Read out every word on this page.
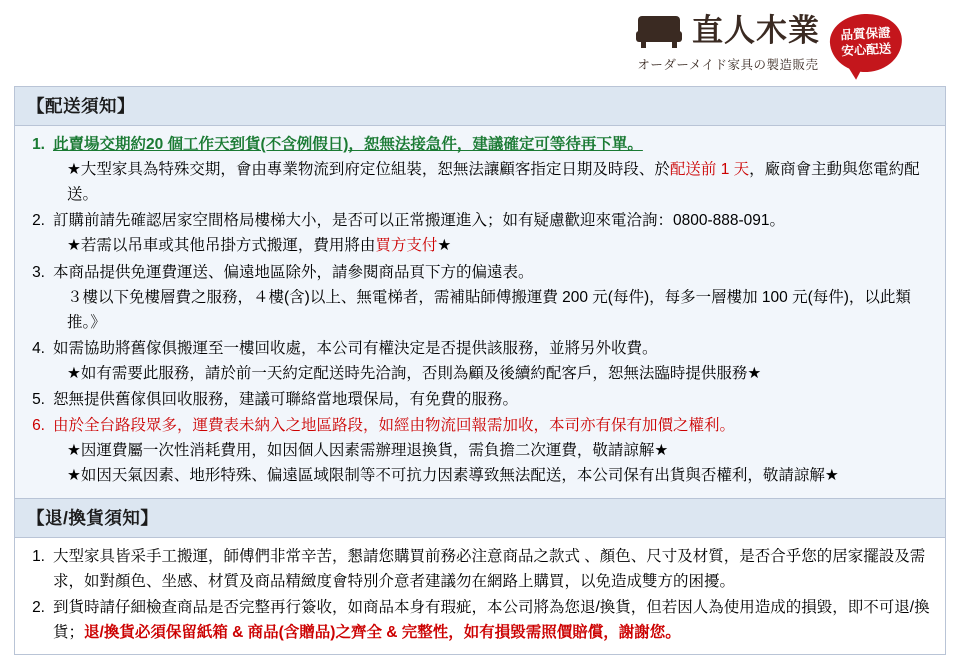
直人木業
オーダーメイド家具の製造販売
品質保證
安心配送
【配送須知】
1. 此賣場交期約20 個工作天到貨(不含例假日)，恕無法接急件，建議確定可等待再下單。

★大型家具為特殊交期，會由專業物流到府定位組裝，恕無法讓顧客指定日期及時段、於配送前 1 天，廠商會主動與您電約配送。

2. 訂購前請先確認居家空間格局樓梯大小，是否可以正常搬運進入；如有疑慮歡迎來電洽詢：0800-888-091。

★若需以吊車或其他吊掛方式搬運，費用將由買方支付★

3. 本商品提供免運費運送、偏遠地區除外，請參閱商品頁下方的偏遠表。

３樓以下免樓層費之服務，４樓(含)以上、無電梯者，需補貼師傅搬運費 200 元(每件)，每多一層樓加 100 元(每件)，以此類推。》

4. 如需協助將舊傢俱搬運至一樓回收處，本公司有權決定是否提供該服務，並將另外收費。

★如有需要此服務，請於前一天約定配送時先洽詢，否則為顧及後續約配客戶，恕無法臨時提供服務★

5. 恕無提供舊傢俱回收服務，建議可聯絡當地環保局，有免費的服務。

6. 由於全台路段眾多，運費表未納入之地區路段，如經由物流回報需加收，本司亦有保有加價之權利。

★因運費屬一次性消耗費用，如因個人因素需辦理退換貨，需負擔二次運費，敬請諒解★

★如因天氣因素、地形特殊、偏遠區域限制等不可抗力因素導致無法配送，本公司保有出貨與否權利，敬請諒解★

【退/換貨須知】
1. 大型家具皆采手工搬運，師傅們非常辛苦，懇請您購買前務必注意商品之款式 、顏色、尺寸及材質，是否合乎您的居家擺設及需求，如對顏色、坐感、材質及商品精緻度會特別介意者建議勿在網路上購買，以免造成雙方的困擾。

2. 到貨時請仔細檢查商品是否完整再行簽收，如商品本身有瑕疵，本公司將為您退/換貨，但若因人為使用造成的損毀，即不可退/換貨；退/換貨必須保留紙箱 & 商品(含贈品)之齊全 & 完整性，如有損毀需照價賠償，謝謝您。
